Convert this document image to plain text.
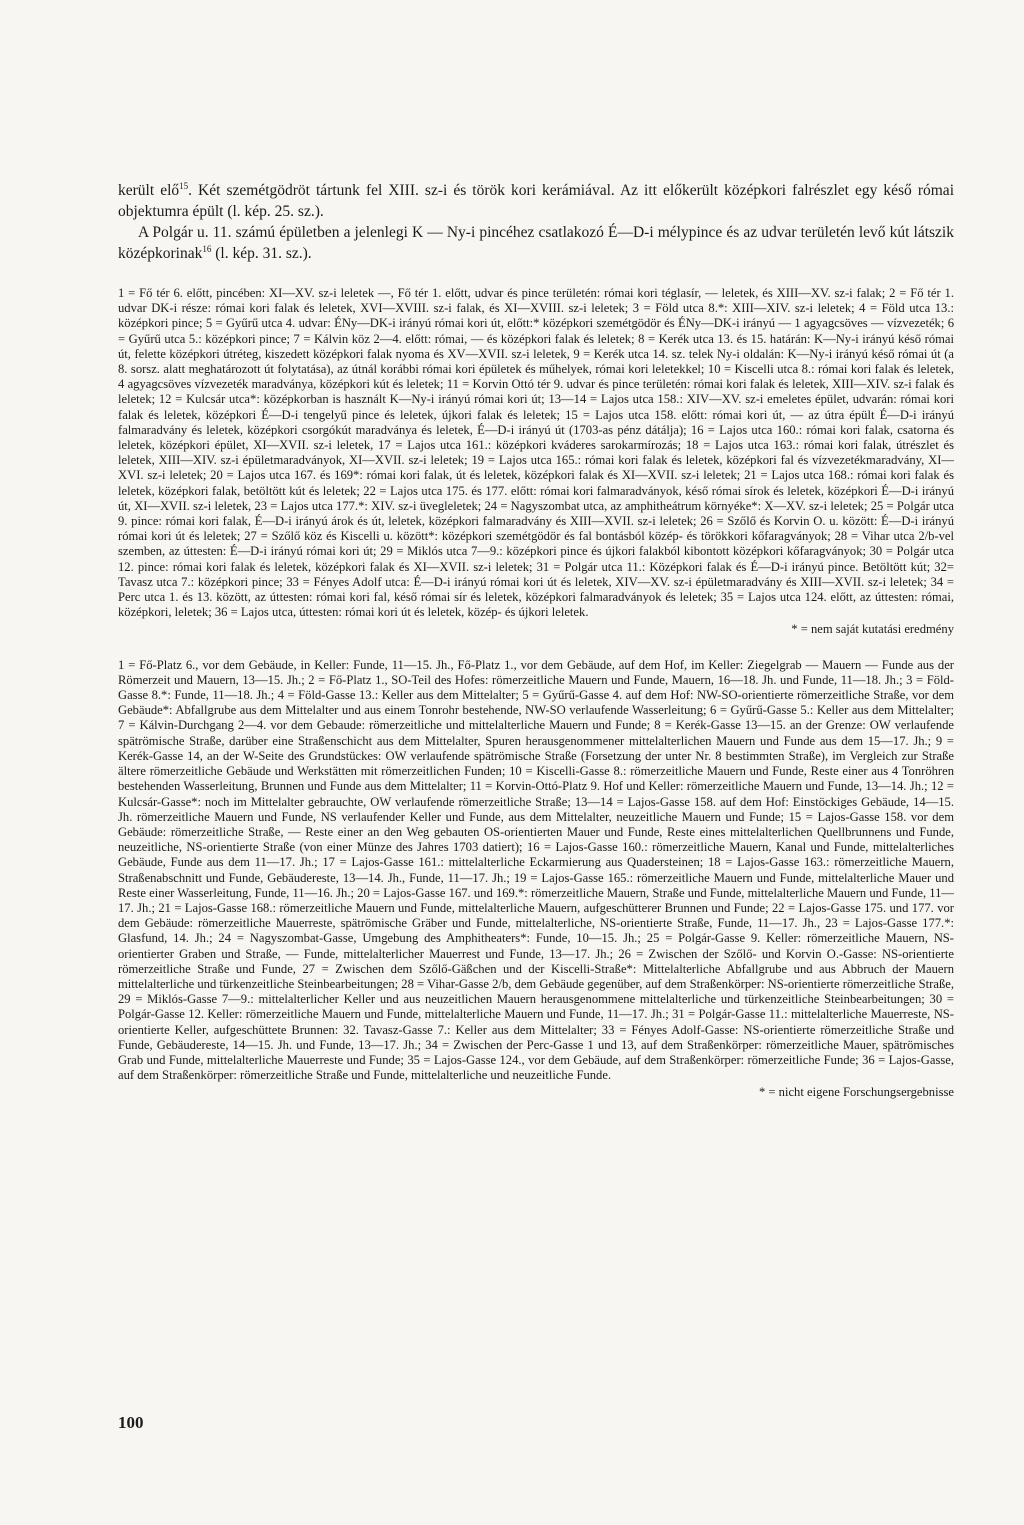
került elő$^{15}$. Két szemétgödröt tártunk fel XIII. sz-i és török kori kerámiával. Az itt előkerült középkori falrészlet egy késő római objektumra épült (l. kép. 25. sz.).

A Polgár u. 11. számú épületben a jelenlegi K — Ny-i pincéhez csatlakozó É—D-i mélypince és az udvar területén levő kút látszik középkorinak$^{16}$ (l. kép. 31. sz.).

1 = Fő tér 6. előtt, pincében: XI—XV. sz-i leletek —, Fő tér 1. előtt, udvar és pince területén: római kori téglasír, — leletek, és XIII—XV. sz-i falak; 2 = Fő tér 1. udvar DK-i része: római kori falak és leletek, XVI—XVIII. sz-i falak, és XI—XVIII. sz-i leletek; 3 = Föld utca 8.*: XIII—XIV. sz-i leletek; 4 = Föld utca 13.: középkori pince; 5 = Gyűrű utca 4. udvar: ÉNy—DK-i irányú római kori út, előtt:* középkori szemétgödör és ÉNy—DK-i irányú — 1 agyagcsöves — vízvezeték; 6 = Gyűrű utca 5.: középkori pince; 7 = Kálvin köz 2—4. előtt: római, — és középkori falak és leletek; 8 = Kerék utca 13. és 15. határán: K—Ny-i irányú késő római út, felette középkori útréteg, kiszedett középkori falak nyoma és XV—XVII. sz-i leletek, 9 = Kerék utca 14. sz. telek Ny-i oldalán: K—Ny-i irányú késő római út (a 8. sorsz. alatt meghatározott út folytatása), az útnál korábbi római kori épületek és műhelyek, római kori leletekkel; 10 = Kiscelli utca 8.: római kori falak és leletek, 4 agyagcsöves vízvezeték maradványa, középkori kút és leletek; 11 = Korvin Ottó tér 9. udvar és pince területén: római kori falak és leletek, XIII—XIV. sz-i falak és leletek; 12 = Kulcsár utca*: középkorban is használt K—Ny-i irányú római kori út; 13—14 = Lajos utca 158.: XIV—XV. sz-i emeletes épület, udvarán: római kori falak és leletek, középkori É—D-i tengelyű pince és leletek, újkori falak és leletek; 15 = Lajos utca 158. előtt: római kori út, — az útra épült É—D-i irányú falmaradvány és leletek, középkori csorgókút maradványa és leletek, É—D-i irányú út (1703-as pénz dátálja); 16 = Lajos utca 160.: római kori falak, csatorna és leletek, középkori épület, XI—XVII. sz-i leletek, 17 = Lajos utca 161.: középkori kváderes sarokarmírozás; 18 = Lajos utca 163.: római kori falak, útrészlet és leletek, XIII—XIV. sz-i épületmaradványok, XI—XVII. sz-i leletek; 19 = Lajos utca 165.: római kori falak és leletek, középkori fal és vízvezetékmaradvány, XI—XVI. sz-i leletek; 20 = Lajos utca 167. és 169*: római kori falak, út és leletek, középkori falak és XI—XVII. sz-i leletek; 21 = Lajos utca 168.: római kori falak és leletek, középkori falak, betöltött kút és leletek; 22 = Lajos utca 175. és 177. előtt: római kori falmaradványok, késő római sírok és leletek, középkori É—D-i irányú út, XI—XVII. sz-i leletek, 23 = Lajos utca 177.*: XIV. sz-i üvegleletek; 24 = Nagyszombat utca, az amphitheátrum környéke*: X—XV. sz-i leletek; 25 = Polgár utca 9. pince: római kori falak, É—D-i irányú árok és út, leletek, középkori falmaradvány és XIII—XVII. sz-i leletek; 26 = Szőlő és Korvin O. u. között: É—D-i irányú római kori út és leletek; 27 = Szőlő köz és Kiscelli u. között*: középkori szemétgödör és fal bontásból közép- és törökkori kőfaragványok; 28 = Vihar utca 2/b-vel szemben, az úttesten: É—D-i irányú római kori út; 29 = Miklós utca 7—9.: középkori pince és újkori falakból kibontott középkori kőfaragványok; 30 = Polgár utca 12. pince: római kori falak és leletek, középkori falak és XI—XVII. sz-i leletek; 31 = Polgár utca 11.: Középkori falak és É—D-i irányú pince. Betöltött kút; 32= Tavasz utca 7.: középkori pince; 33 = Fényes Adolf utca: É—D-i irányú római kori út és leletek, XIV—XV. sz-i épületmaradvány és XIII—XVII. sz-i leletek; 34 = Perc utca 1. és 13. között, az úttesten: római kori fal, késő római sír és leletek, középkori falmaradványok és leletek; 35 = Lajos utca 124. előtt, az úttesten: római, középkori, leletek; 36 = Lajos utca, úttesten: római kori út és leletek, közép- és újkori leletek.

* = nem saját kutatási eredmény

1 = Fő-Platz 6., vor dem Gebäude, in Keller: Funde, 11—15. Jh., Fő-Platz 1., vor dem Gebäude, auf dem Hof, im Keller: Ziegelgrab — Mauern — Funde aus der Römerzeit und Mauern, 13—15. Jh.; 2 = Fő-Platz 1., SO-Teil des Hofes: römerzeitliche Mauern und Funde, Mauern, 16—18. Jh. und Funde, 11—18. Jh.; 3 = Föld-Gasse 8.*: Funde, 11—18. Jh.; 4 = Föld-Gasse 13.: Keller aus dem Mittelalter; 5 = Gyűrű-Gasse 4. auf dem Hof: NW-SO-orientierte römerzeitliche Straße, vor dem Gebäude*: Abfallgrube aus dem Mittelalter und aus einem Tonrohr bestehende, NW-SO verlaufende Wasserleitung; 6 = Gyűrű-Gasse 5.: Keller aus dem Mittelalter; 7 = Kálvin-Durchgang 2—4. vor dem Gebaude: römerzeitliche und mittelalterliche Mauern und Funde; 8 = Kerék-Gasse 13—15. an der Grenze: OW verlaufende spätrömische Straße, darüber eine Straßenschicht aus dem Mittelalter, Spuren herausgenommener mittelalterlichen Mauern und Funde aus dem 15—17. Jh.; 9 = Kerék-Gasse 14, an der W-Seite des Grundstückes: OW verlaufende spätrömische Straße (Forsetzung der unter Nr. 8 bestimmten Straße), im Vergleich zur Straße ältere römerzeitliche Gebäude und Werkstätten mit römerzeitlichen Funden; 10 = Kiscelli-Gasse 8.: römerzeitliche Mauern und Funde, Reste einer aus 4 Tonröhren bestehenden Wasserleitung, Brunnen und Funde aus dem Mittelalter; 11 = Korvin-Ottó-Platz 9. Hof und Keller: römerzeitliche Mauern und Funde, 13—14. Jh.; 12 = Kulcsár-Gasse*: noch im Mittelalter gebrauchte, OW verlaufende römerzeitliche Straße; 13—14 = Lajos-Gasse 158. auf dem Hof: Einstöckiges Gebäude, 14—15. Jh. römerzeitliche Mauern und Funde, NS verlaufender Keller und Funde, aus dem Mittelalter, neuzeitliche Mauern und Funde; 15 = Lajos-Gasse 158. vor dem Gebäude: römerzeitliche Straße, — Reste einer an den Weg gebauten OS-orientierten Mauer und Funde, Reste eines mittelalterlichen Quellbrunnens und Funde, neuzeitliche, NS-orientierte Straße (von einer Münze des Jahres 1703 datiert); 16 = Lajos-Gasse 160.: römerzeitliche Mauern, Kanal und Funde, mittelalterliches Gebäude, Funde aus dem 11—17. Jh.; 17 = Lajos-Gasse 161.: mittelalterliche Eckarmierung aus Quadersteinen; 18 = Lajos-Gasse 163.: römerzeitliche Mauern, Straßenabschnitt und Funde, Gebäudereste, 13—14. Jh., Funde, 11—17. Jh.; 19 = Lajos-Gasse 165.: römerzeitliche Mauern und Funde, mittelalterliche Mauer und Reste einer Wasserleitung, Funde, 11—16. Jh.; 20 = Lajos-Gasse 167. und 169.*: römerzeitliche Mauern, Straße und Funde, mittelalterliche Mauern und Funde, 11—17. Jh.; 21 = Lajos-Gasse 168.: römerzeitliche Mauern und Funde, mittelalterliche Mauern, aufgeschütterer Brunnen und Funde; 22 = Lajos-Gasse 175. und 177. vor dem Gebäude: römerzeitliche Mauerreste, spätrömische Gräber und Funde, mittelalterliche, NS-orientierte Straße, Funde, 11—17. Jh., 23 = Lajos-Gasse 177.*: Glasfund, 14. Jh.; 24 = Nagyszombat-Gasse, Umgebung des Amphitheaters*: Funde, 10—15. Jh.; 25 = Polgár-Gasse 9. Keller: römerzeitliche Mauern, NS-orientierter Graben und Straße, — Funde, mittelalterlicher Mauerrest und Funde, 13—17. Jh.; 26 = Zwischen der Szőlő- und Korvin O.-Gasse: NS-orientierte römerzeitliche Straße und Funde, 27 = Zwischen dem Szőlő-Gäßchen und der Kiscelli-Straße*: Mittelalterliche Abfallgrube und aus Abbruch der Mauern mittelalterliche und türkenzeitliche Steinbearbeitungen; 28 = Vihar-Gasse 2/b, dem Gebäude gegenüber, auf dem Straßenkörper: NS-orientierte römerzeitliche Straße, 29 = Miklós-Gasse 7—9.: mittelalterlicher Keller und aus neuzeitlichen Mauern herausgenommene mittelalterliche und türkenzeitliche Steinbearbeitungen; 30 = Polgár-Gasse 12. Keller: römerzeitliche Mauern und Funde, mittelalterliche Mauern und Funde, 11—17. Jh.; 31 = Polgár-Gasse 11.: mittelalterliche Mauerreste, NS-orientierte Keller, aufgeschüttete Brunnen: 32. Tavasz-Gasse 7.: Keller aus dem Mittelalter; 33 = Fényes Adolf-Gasse: NS-orientierte römerzeitliche Straße und Funde, Gebäudereste, 14—15. Jh. und Funde, 13—17. Jh.; 34 = Zwischen der Perc-Gasse 1 und 13, auf dem Straßenkörper: römerzeitliche Mauer, spätrömisches Grab und Funde, mittelalterliche Mauerreste und Funde; 35 = Lajos-Gasse 124., vor dem Gebäude, auf dem Straßenkörper: römerzeitliche Funde; 36 = Lajos-Gasse, auf dem Straßenkörper: römerzeitliche Straße und Funde, mittelalterliche und neuzeitliche Funde.

* = nicht eigene Forschungsergebnisse

100
